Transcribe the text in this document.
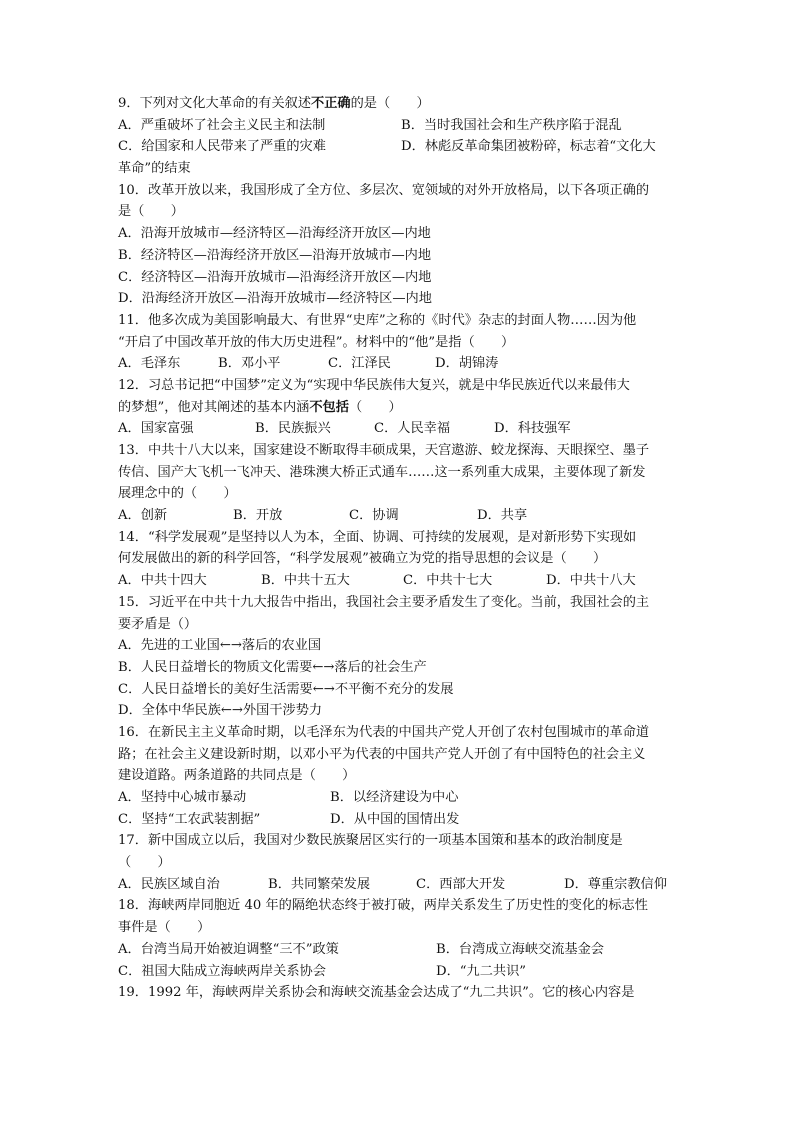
9．下列对文化大革命的有关叙述不正确的是（　　）
A．严重破坏了社会主义民主和法制	B．当时我国社会和生产秩序陷于混乱
C．给国家和人民带来了严重的灾难	D．林彪反革命集团被粉碎，标志着“文化大
革命”的结束
10．改革开放以来，我国形成了全方位、多层次、宽领域的对外开放格局，以下各项正确的
是（　　）
A．沿海开放城市—经济特区—沿海经济开放区—内地
B．经济特区—沿海经济开放区—沿海开放城市—内地
C．经济特区—沿海开放城市—沿海经济开放区—内地
D．沿海经济开放区—沿海开放城市—经济特区—内地
11．他多次成为美国影响最大、有世界“史库”之称的《时代》杂志的封面人物……因为他
“开启了中国改革开放的伟大历史进程”。材料中的“他”是指（　　）
A．毛泽东	B．邓小平	C．江泽民	D．胡锦涛
12．习总书记把“中国梦”定义为“实现中华民族伟大复兴，就是中华民族近代以来最伟大
的梦想”，他对其阐述的基本内涵不包括（　　）
A．国家富强	B．民族振兴	C．人民幸福	D．科技强军
13．中共十八大以来，国家建设不断取得丰硕成果，天宫遨游、蛟龙探海、天眼探空、墨子
传信、国产大飞机一飞冲天、港珠澳大桥正式通车……这一系列重大成果，主要体现了新发
展理念中的（　　）
A．创新	B．开放	C．协调	D．共享
14．“科学发展观”是坚持以人为本，全面、协调、可持续的发展观，是对新形势下实现如
何发展做出的新的科学回答，“科学发展观”被确立为党的指导思想的会议是（　　）
A．中共十四大	B．中共十五大	C．中共十七大	D．中共十八大
15．习近平在中共十九大报告中指出，我国社会主要矛盾发生了变化。当前，我国社会的主
要矛盾是（）
A．先进的工业国←→落后的农业国
B．人民日益增长的物质文化需要←→落后的社会生产
C．人民日益增长的美好生活需要←→不平衡不充分的发展
D．全体中华民族←→外国干涉势力
16．在新民主主义革命时期，以毛泽东为代表的中国共产党人开创了农村包围城市的革命道
路；在社会主义建设新时期，以邓小平为代表的中国共产党人开创了有中国特色的社会主义
建设道路。两条道路的共同点是（　　）
A．坚持中心城市暴动	B．以经济建设为中心
C．坚持“工农武装割据”	D．从中国的国情出发
17．新中国成立以后，我国对少数民族聚居区实行的一项基本国策和基本的政治制度是
（　　）
A．民族区域自治	B．共同繁荣发展	C．西部大开发	D．尊重宗教信仰
18．海峡两岸同胞近 40 年的隔绝状态终于被打破，两岸关系发生了历史性的变化的标志性
事件是（　　）
A．台湾当局开始被迫调整“三不”政策	B．台湾成立海峡交流基金会
C．祖国大陆成立海峡两岸关系协会	D．“九二共识”
19．1992 年，海峡两岸关系协会和海峡交流基金会达成了“九二共识”。它的核心内容是
